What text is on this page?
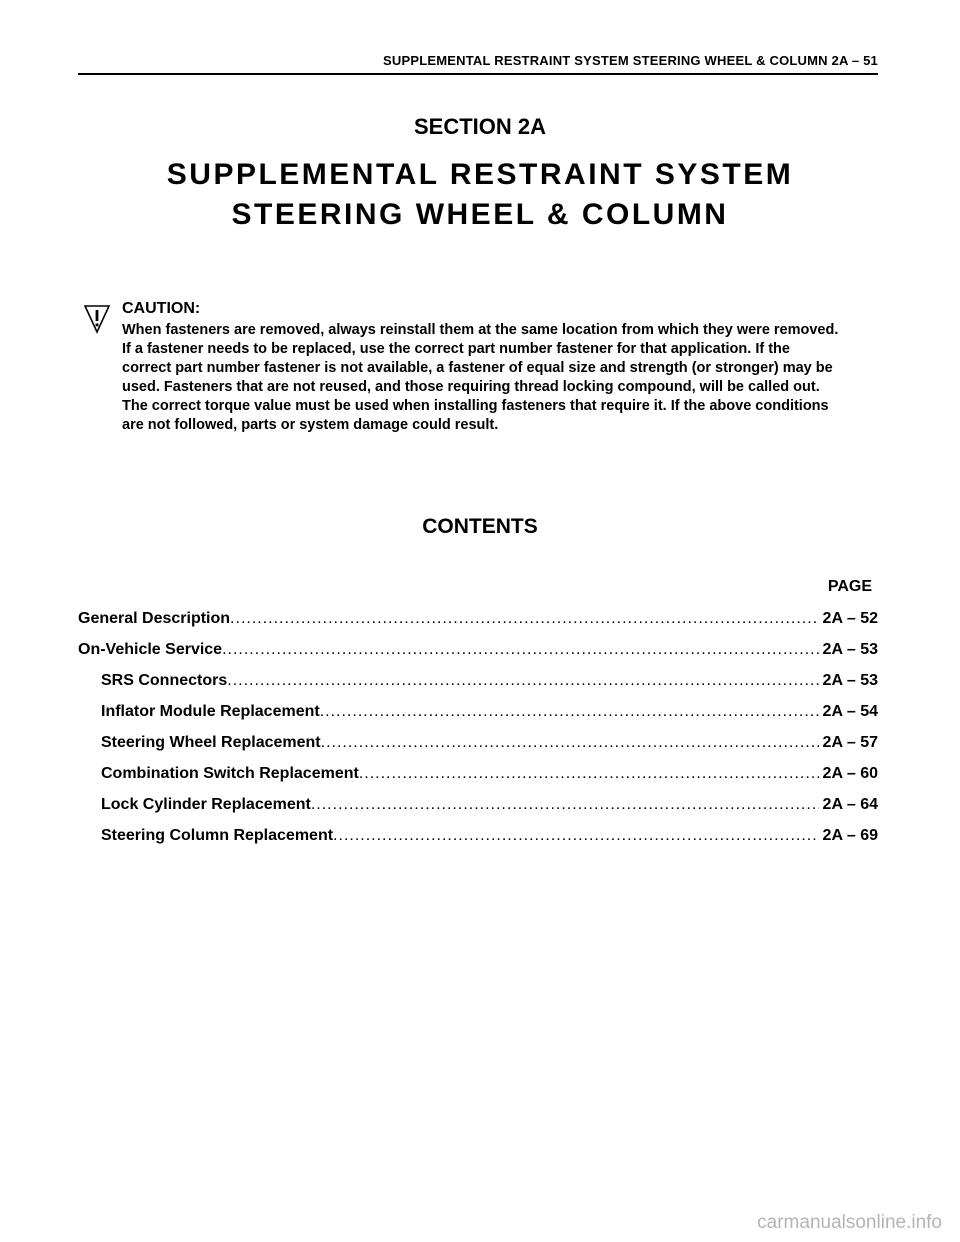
SUPPLEMENTAL RESTRAINT SYSTEM STEERING WHEEL & COLUMN 2A – 51
SECTION 2A
SUPPLEMENTAL RESTRAINT SYSTEM
STEERING WHEEL & COLUMN
CAUTION:
When fasteners are removed, always reinstall them at the same location from which they were removed. If a fastener needs to be replaced, use the correct part number fastener for that application. If the correct part number fastener is not available, a fastener of equal size and strength (or stronger) may be used. Fasteners that are not reused, and those requiring thread locking compound, will be called out. The correct torque value must be used when installing fasteners that require it. If the above conditions are not followed, parts or system damage could result.
CONTENTS
PAGE
General Description .....	2A – 52
On-Vehicle Service .....	2A – 53
SRS Connectors .....	2A – 53
Inflator Module Replacement .....	2A – 54
Steering Wheel Replacement .....	2A – 57
Combination Switch Replacement .....	2A – 60
Lock Cylinder Replacement .....	2A – 64
Steering Column Replacement .....	2A – 69
carmanualsonline.info
